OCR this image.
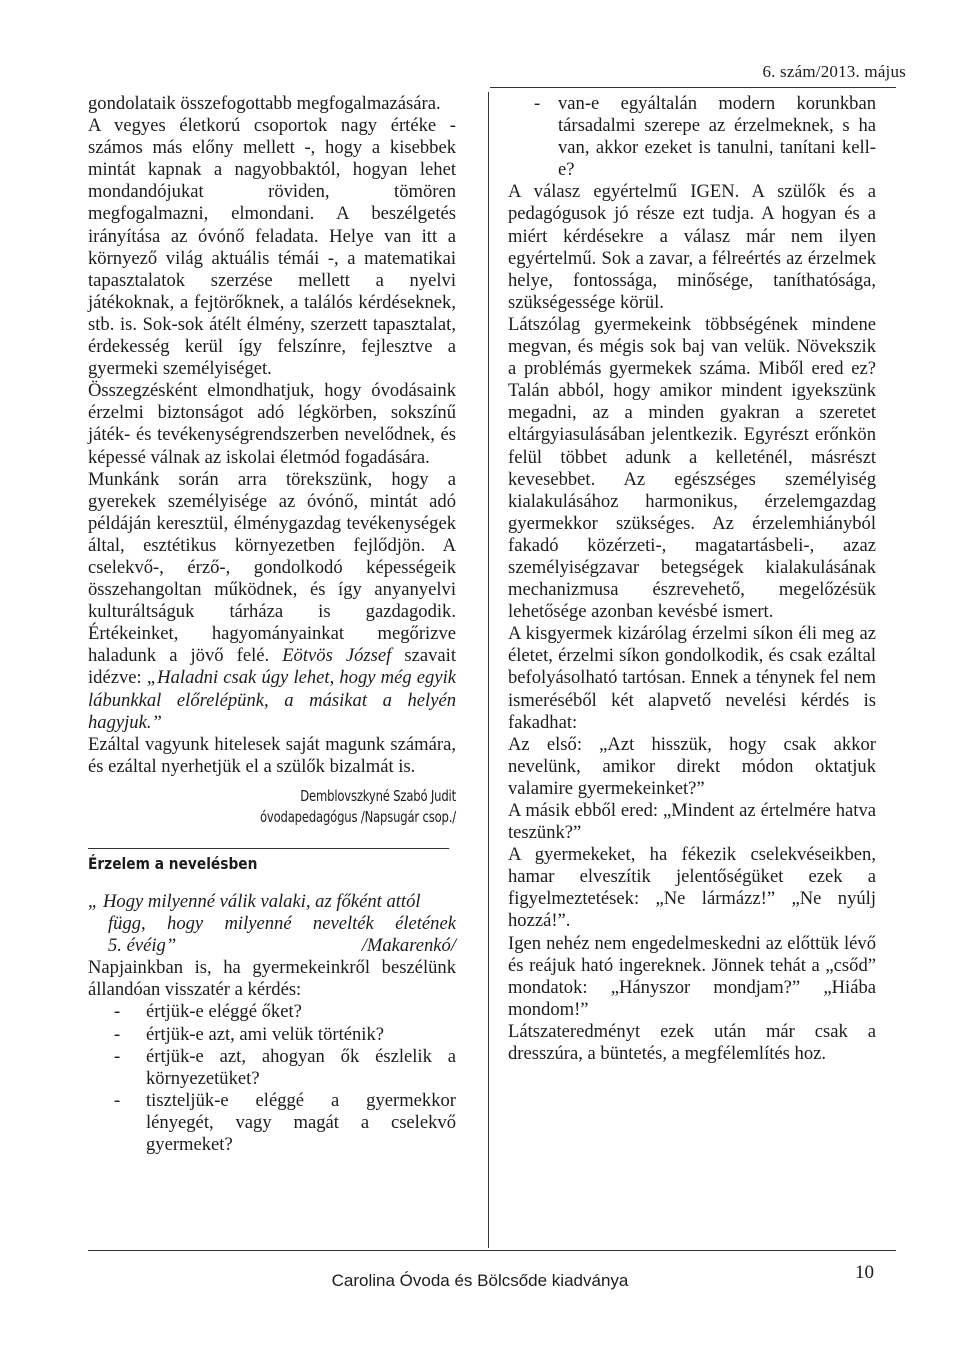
6. szám/2013. május

gondolataik összefogottabb megfogalmazására.

A vegyes életkorú csoportok nagy értéke - számos más előny mellett -, hogy a kisebbek mintát kapnak a nagyobbaktól, hogyan lehet mondandójukat röviden, tömören megfogalmazni, elmondani. A beszélgetés irányítása az óvónő feladata. Helye van itt a környező világ aktuális témái -, a matematikai tapasztalatok szerzése mellett a nyelvi játékoknak, a fejtörőknek, a találós kérdéseknek, stb. is. Sok-sok átélt élmény, szerzett tapasztalat, érdekesség kerül így felszínre, fejlesztve a gyermeki személyiséget.

Összegzésként elmondhatjuk, hogy óvodásaink érzelmi biztonságot adó légkörben, sokszínű játék- és tevékenységrendszerben nevelődnek, és képessé válnak az iskolai életmód fogadására.

Munkánk során arra törekszünk, hogy a gyerekek személyisége az óvónő, mintát adó példáján keresztül, élménygazdag tevékenységek által, esztétikus környezetben fejlődjön. A cselekvő-, érző-, gondolkodó képességeik összehangoltan működnek, és így anyanyelvi kulturáltságuk tárháza is gazdagodik. Értékeinket, hagyományainkat megőrizve haladunk a jövő felé. Eötvös József szavait idézve: „Haladni csak úgy lehet, hogy még egyik lábunkkal előrelépünk, a másikat a helyén hagyjuk.”

Ezáltal vagyunk hitelesek saját magunk számára, és ezáltal nyerhetjük el a szülők bizalmát is.

Demblovszkyné Szabó Judit
óvodapedagógus /Napsugár csop./
Érzelem a nevelésben
„ Hogy milyenné válik valaki, az főként attól
függ, hogy milyenné nevelték életének
5. évéig”	/Makarenkó/

Napjainkban is, ha gyermekeinkről beszélünk állandóan visszatér a kérdés:

- értjük-e eléggé őket?
- értjük-e azt, ami velük történik?
- értjük-e azt, ahogyan ők észlelik a környezetüket?
- tiszteljük-e eléggé a gyermekkor lényegét, vagy magát a cselekvő gyermeket?
- van-e egyáltalán modern korunkban társadalmi szerepe az érzelmeknek, s ha van, akkor ezeket is tanulni, tanítani kell-e?

A válasz egyértelmű IGEN. A szülők és a pedagógusok jó része ezt tudja. A hogyan és a miért kérdésekre a válasz már nem ilyen egyértelmű. Sok a zavar, a félreértés az érzelmek helye, fontossága, minősége, taníthatósága, szükségessége körül.

Látszólag gyermekeink többségének mindene megvan, és mégis sok baj van velük. Növekszik a problémás gyermekek száma. Miből ered ez? Talán abból, hogy amikor mindent igyekszünk megadni, az a minden gyakran a szeretet eltárgyiasulásában jelentkezik. Egyrészt erőnkön felül többet adunk a kelleténél, másrészt kevesebbet. Az egészséges személyiség kialakulásához harmonikus, érzelemgazdag gyermekkor szükséges. Az érzelemhiányból fakadó közérzeti-, magatartásbeli-, azaz személyiségzavar betegségek kialakulásának mechanizmusa észrevehető, megelőzésük lehetősége azonban kevésbé ismert.

A kisgyermek kizárólag érzelmi síkon éli meg az életet, érzelmi síkon gondolkodik, és csak ezáltal befolyásolható tartósan. Ennek a ténynek fel nem ismeréséből két alapvető nevelési kérdés is fakadhat:

Az első: „Azt hisszük, hogy csak akkor nevelünk, amikor direkt módon oktatjuk valamire gyermekeinket?”

A másik ebből ered: „Mindent az értelmére hatva teszünk?”

A gyermekeket, ha fékezik cselekvéseikben, hamar elveszítik jelentőségüket ezek a figyelmeztetések: „Ne lármázz!” „Ne nyúlj hozzá!”.

Igen nehéz nem engedelmeskedni az előttük lévő és reájuk ható ingereknek. Jönnek tehát a „csőd” mondatok: „Hányszor mondjam?” „Hiába mondom!”

Látszateredményt ezek után már csak a dresszúra, a büntetés, a megfélemlítés hoz.

Carolina Óvoda és Bölcsőde kiadványa	10
